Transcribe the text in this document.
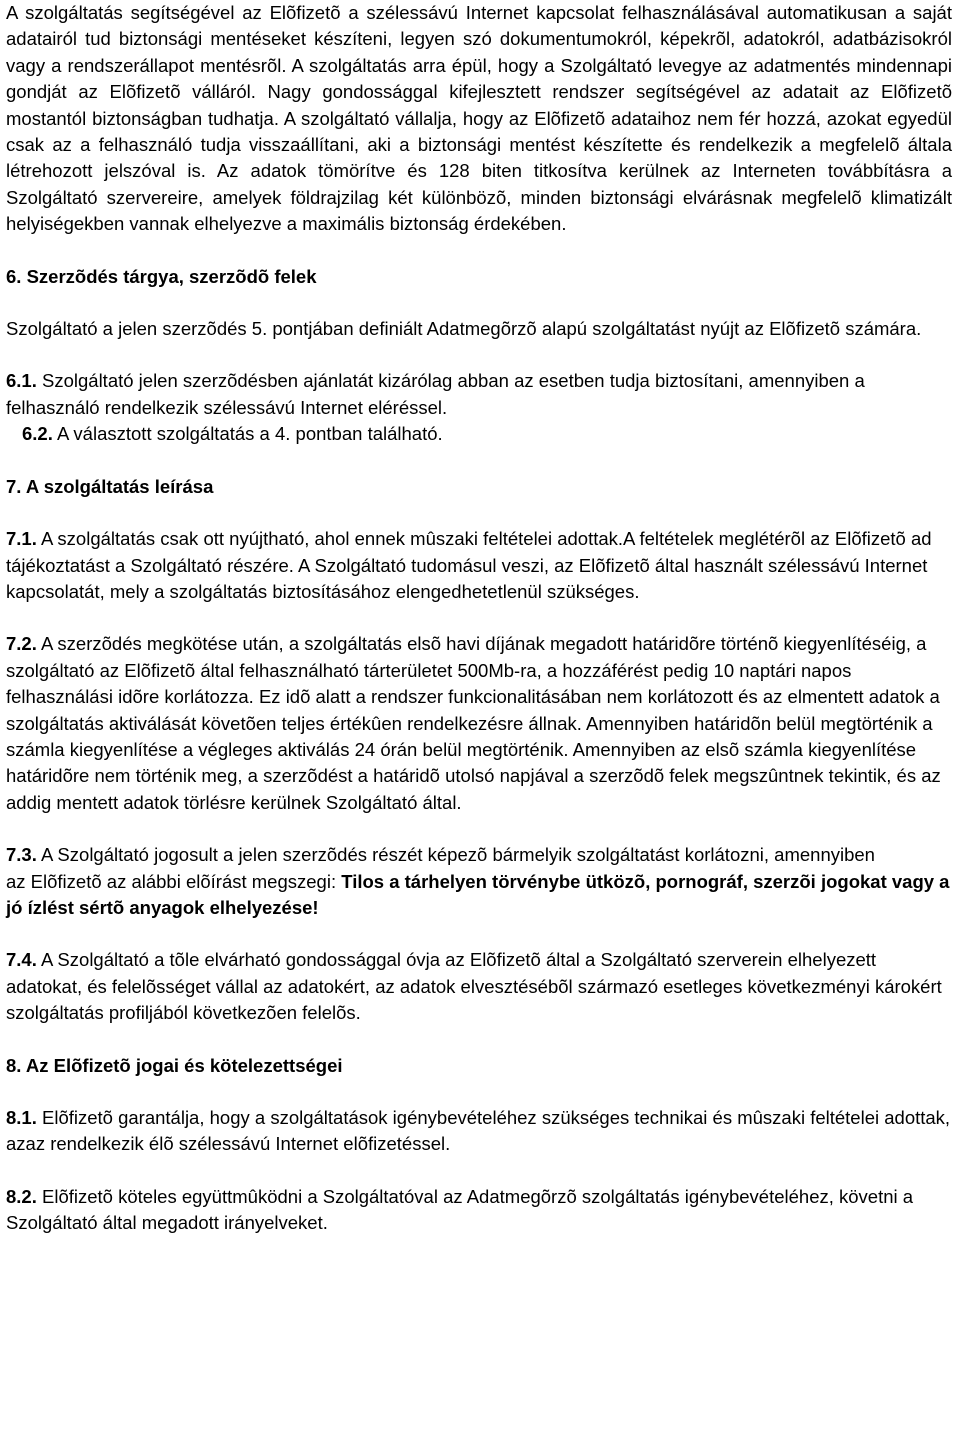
A szolgáltatás segítségével az Elõfizetõ a szélessávú Internet kapcsolat felhasználásával automatikusan a saját adatairól tud biztonsági mentéseket készíteni, legyen szó dokumentumokról, képekrõl, adatokról, adatbázisokról vagy a rendszerállapot mentésrõl. A szolgáltatás arra épül, hogy a Szolgáltató levegye az adatmentés mindennapi gondját az Elõfizetõ válláról. Nagy gondossággal kifejlesztett rendszer segítségével az adatait az Elõfizetõ mostantól biztonságban tudhatja. A szolgáltató vállalja, hogy az Elõfizetõ adataihoz nem fér hozzá, azokat egyedül csak az a felhasználó tudja visszaállítani, aki a biztonsági mentést készítette és rendelkezik a megfelelõ általa létrehozott jelszóval is. Az adatok tömörítve és 128 biten titkosítva kerülnek az Interneten továbbításra a Szolgáltató szervereire, amelyek földrajzilag két különbözõ, minden biztonsági elvárásnak megfelelõ klimatizált helyiségekben vannak elhelyezve a maximális biztonság érdekében.

6. Szerzõdés tárgya, szerzõdõ felek

Szolgáltató a jelen szerzõdés 5. pontjában definiált Adatmegõrzõ alapú szolgáltatást nyújt az Elõfizetõ számára.

6.1. Szolgáltató jelen szerzõdésben ajánlatát kizárólag abban az esetben tudja biztosítani, amennyiben a felhasználó rendelkezik szélessávú Internet eléréssel.

6.2. A választott szolgáltatás a 4. pontban található.

7. A szolgáltatás leírása

7.1. A szolgáltatás csak ott nyújtható, ahol ennek mûszaki feltételei adottak.A feltételek meglétérõl az Elõfizetõ ad tájékoztatást a Szolgáltató részére. A Szolgáltató tudomásul veszi, az Elõfizetõ által használt szélessávú Internet kapcsolatát, mely a szolgáltatás biztosításához elengedhetetlenül szükséges.

7.2. A szerzõdés megkötése után, a szolgáltatás elsõ havi díjának megadott határidõre történõ kiegyenlítéséig, a szolgáltató az Elõfizetõ által felhasználható tárterületet 500Mb-ra, a hozzáférést pedig 10 naptári napos felhasználási idõre korlátozza. Ez idõ alatt a rendszer funkcionalitásában nem korlátozott és az elmentett adatok a szolgáltatás aktiválását követõen teljes értékûen rendelkezésre állnak. Amennyiben határidõn belül megtörténik a számla kiegyenlítése a végleges aktiválás 24 órán belül megtörténik. Amennyiben az elsõ számla kiegyenlítése határidõre nem történik meg, a szerzõdést a határidõ utolsó napjával a szerzõdõ felek megszûntnek tekintik, és az addig mentett adatok törlésre kerülnek Szolgáltató által.

7.3. A Szolgáltató jogosult a jelen szerzõdés részét képezõ bármelyik szolgáltatást korlátozni, amennyiben
az Elõfizetõ az alábbi elõírást megszegi: Tilos a tárhelyen törvénybe ütközõ, pornográf, szerzõi jogokat vagy a jó ízlést sértõ anyagok elhelyezése!

7.4. A Szolgáltató a tõle elvárható gondossággal óvja az Elõfizetõ által a Szolgáltató szerverein elhelyezett adatokat, és felelõsséget vállal az adatokért, az adatok elvesztésébõl származó esetleges következményi károkért szolgáltatás profiljából következõen felelõs.

8. Az Elõfizetõ jogai és kötelezettségei

8.1. Elõfizetõ garantálja, hogy a szolgáltatások igénybevételéhez szükséges technikai és mûszaki feltételei adottak, azaz rendelkezik élõ szélessávú Internet elõfizetéssel.

8.2. Elõfizetõ köteles együttmûködni a Szolgáltatóval az Adatmegõrzõ szolgáltatás igénybevételéhez, követni a Szolgáltató által megadott irányelveket.
